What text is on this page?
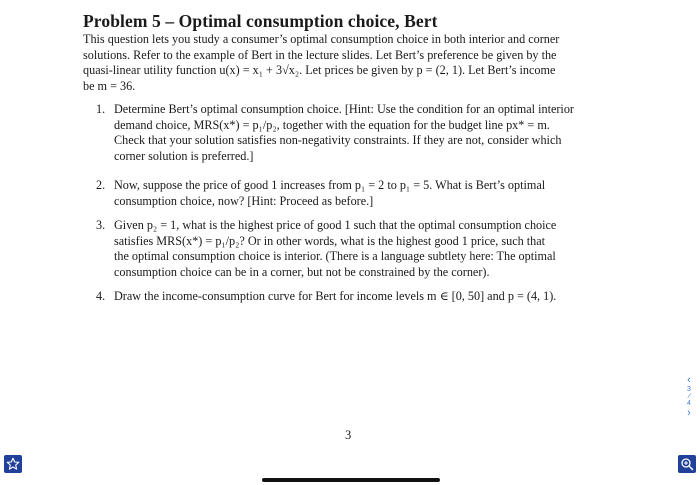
Problem 5 – Optimal consumption choice, Bert
This question lets you study a consumer’s optimal consumption choice in both interior and corner
solutions. Refer to the example of Bert in the lecture slides. Let Bert’s preference be given by the
quasi-linear utility function u(x) = x₁ + 3√x₂. Let prices be given by p = (2, 1). Let Bert’s income
be m = 36.
1. Determine Bert’s optimal consumption choice. [Hint: Use the condition for an optimal interior
demand choice, MRS(x*) = p₁/p₂, together with the equation for the budget line px* = m.
Check that your solution satisfies non-negativity constraints. If they are not, consider which
corner solution is preferred.]
2. Now, suppose the price of good 1 increases from p₁ = 2 to p₁ = 5. What is Bert’s optimal
consumption choice, now? [Hint: Proceed as before.]
3. Given p₂ = 1, what is the highest price of good 1 such that the optimal consumption choice
satisfies MRS(x*) = p₁/p₂? Or in other words, what is the highest good 1 price, such that
the optimal consumption choice is interior. (There is a language subtlety here: The optimal
consumption choice can be in a corner, but not be constrained by the corner).
4. Draw the income-consumption curve for Bert for income levels m ∈ [0, 50] and p = (4, 1).
3
‹
3
/
4
›
